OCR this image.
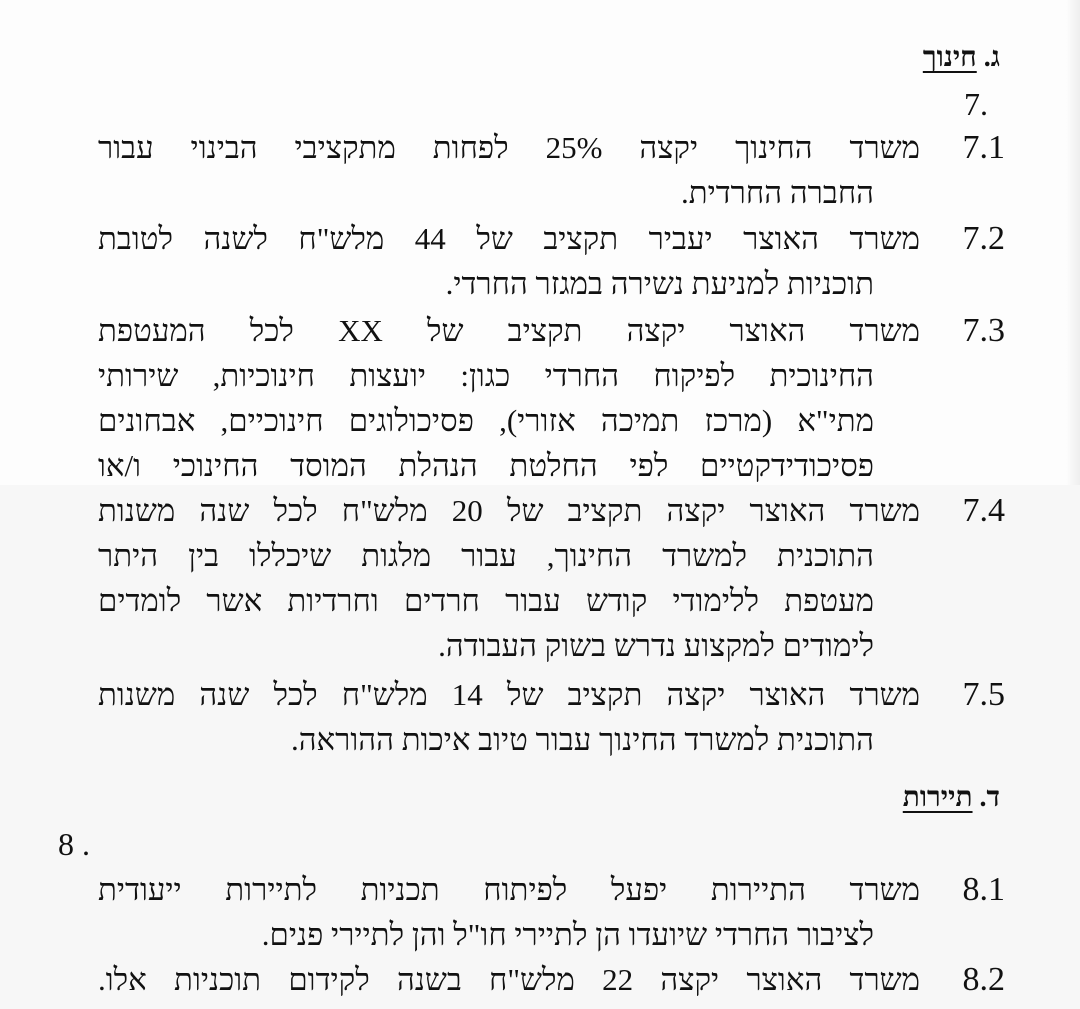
ג. חינוך
7.
7.1
משרד החינוך יקצה 25% לפחות מתקציבי הבינוי עבור
החברה החרדית.
7.2
משרד האוצר יעביר תקציב של 44 מלש"ח לשנה לטובת
תוכניות למניעת נשירה במגזר החרדי.
7.3
משרד האוצר יקצה תקציב של XX לכל המעטפת
החינוכית לפיקוח החרדי כגון: יועצות חינוכיות, שירותי
מתי"א (מרכז תמיכה אזורי), פסיכולוגים חינוכיים, אבחונים
פסיכודידקטיים לפי החלטת הנהלת המוסד החינוכי ו/או
7.4
משרד האוצר יקצה תקציב של 20 מלש"ח לכל שנה משנות
התוכנית למשרד החינוך, עבור מלגות שיכללו בין היתר
מעטפת ללימודי קודש עבור חרדים וחרדיות אשר לומדים
לימודים למקצוע נדרש בשוק העבודה.
7.5
משרד האוצר יקצה תקציב של 14 מלש"ח לכל שנה משנות
התוכנית למשרד החינוך עבור טיוב איכות ההוראה.
ד. תיירות
8 .
8.1
משרד התיירות יפעל לפיתוח תכניות לתיירות ייעודית
לציבור החרדי שיועדו הן לתיירי חו"ל והן לתיירי פנים.
8.2
משרד האוצר יקצה 22 מלש"ח בשנה לקידום תוכניות אלו.
